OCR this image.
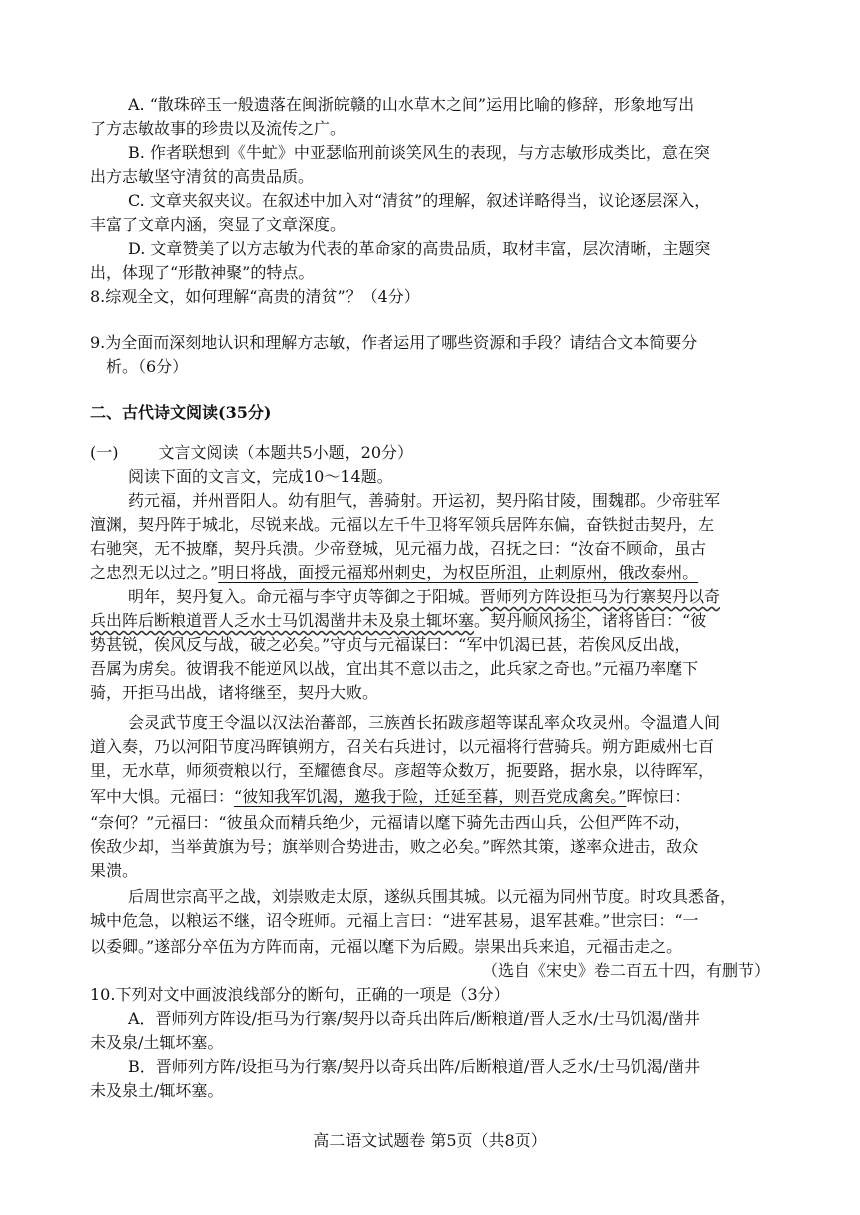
A. “散珠碎玉一般遗落在闽浙皖赣的山水草木之间”运用比喻的修辞，形象地写出
了方志敏故事的珍贵以及流传之广。
B. 作者联想到《牛虻》中亚瑟临刑前谈笑风生的表现，与方志敏形成类比，意在突
出方志敏坚守清贫的高贵品质。
C. 文章夹叙夹议。在叙述中加入对“清贫”的理解，叙述详略得当，议论逐层深入，
丰富了文章内涵，突显了文章深度。
D. 文章赞美了以方志敏为代表的革命家的高贵品质，取材丰富，层次清晰，主题突
出，体现了“形散神聚”的特点。
8.综观全文，如何理解“高贵的清贫”？（4分）
9.为全面而深刻地认识和理解方志敏，作者运用了哪些资源和手段？请结合文本简要分
析。（6分）
二、古代诗文阅读(35分)
(一)	文言文阅读（本题共5小题，20分）
阅读下面的文言文，完成10～14题。
药元福，并州晋阳人。幼有胆气，善骑射。开运初，契丹陷甘陵，围魏郡。少帝驻军
澶渊，契丹阵于城北，尽锐来战。元福以左千牛卫将军领兵居阵东偏，奋铁挝击契丹，左
右驰突，无不披靡，契丹兵溃。少帝登城，见元福力战，召抚之曰：“汝奋不顾命，虽古
之忠烈无以过之。”明日将战，面授元福郑州刺史，为权臣所沮，止刺原州，俄改泰州。
明年，契丹复入。命元福与李守贞等御之于阳城。晋师列方阵设拒马为行寨契丹以奇
兵出阵后断粮道晋人乏水士马饥渴凿井未及泉土辄坏塞。契丹顺风扬尘，诸将皆曰：“彼
势甚锐，俟风反与战，破之必矣。”守贞与元福谋曰：“军中饥渴已甚，若俟风反出战，
吾属为虏矣。彼谓我不能逆风以战，宜出其不意以击之，此兵家之奇也。”元福乃率麾下
骑，开拒马出战，诸将继至，契丹大败。
会灵武节度王令温以汉法治蕃部，三族酋长拓跋彦超等谋乱率众攻灵州。令温遣人间
道入奏，乃以河阳节度冯晖镇朔方，召关右兵进讨，以元福将行营骑兵。朔方距威州七百
里，无水草，师须赍粮以行，至耀德食尽。彦超等众数万，扼要路，据水泉，以待晖军，
军中大惧。元福曰：“彼知我军饥渴，邀我于险，迁延至暮，则吾党成禽矣。”晖惊曰：
“奈何？”元福曰：“彼虽众而精兵绝少，元福请以麾下骑先击西山兵，公但严阵不动，
俟敌少却，当举黄旗为号；旗举则合势进击，败之必矣。”晖然其策，遂率众进击，敌众
果溃。
后周世宗高平之战，刘崇败走太原，遂纵兵围其城。以元福为同州节度。时攻具悉备，
城中危急，以粮运不继，诏令班师。元福上言曰：“进军甚易，退军甚难。”世宗曰：“一
以委卿。”遂部分卒伍为方阵而南，元福以麾下为后殿。崇果出兵来追，元福击走之。
（选自《宋史》卷二百五十四，有删节）
10.下列对文中画波浪线部分的断句，正确的一项是（3分）
A．晋师列方阵设/拒马为行寨/契丹以奇兵出阵后/断粮道/晋人乏水/士马饥渴/凿井
未及泉/土辄坏塞。
B．晋师列方阵/设拒马为行寨/契丹以奇兵出阵/后断粮道/晋人乏水/士马饥渴/凿井
未及泉土/辄坏塞。
高二语文试题卷 第5页（共8页）
